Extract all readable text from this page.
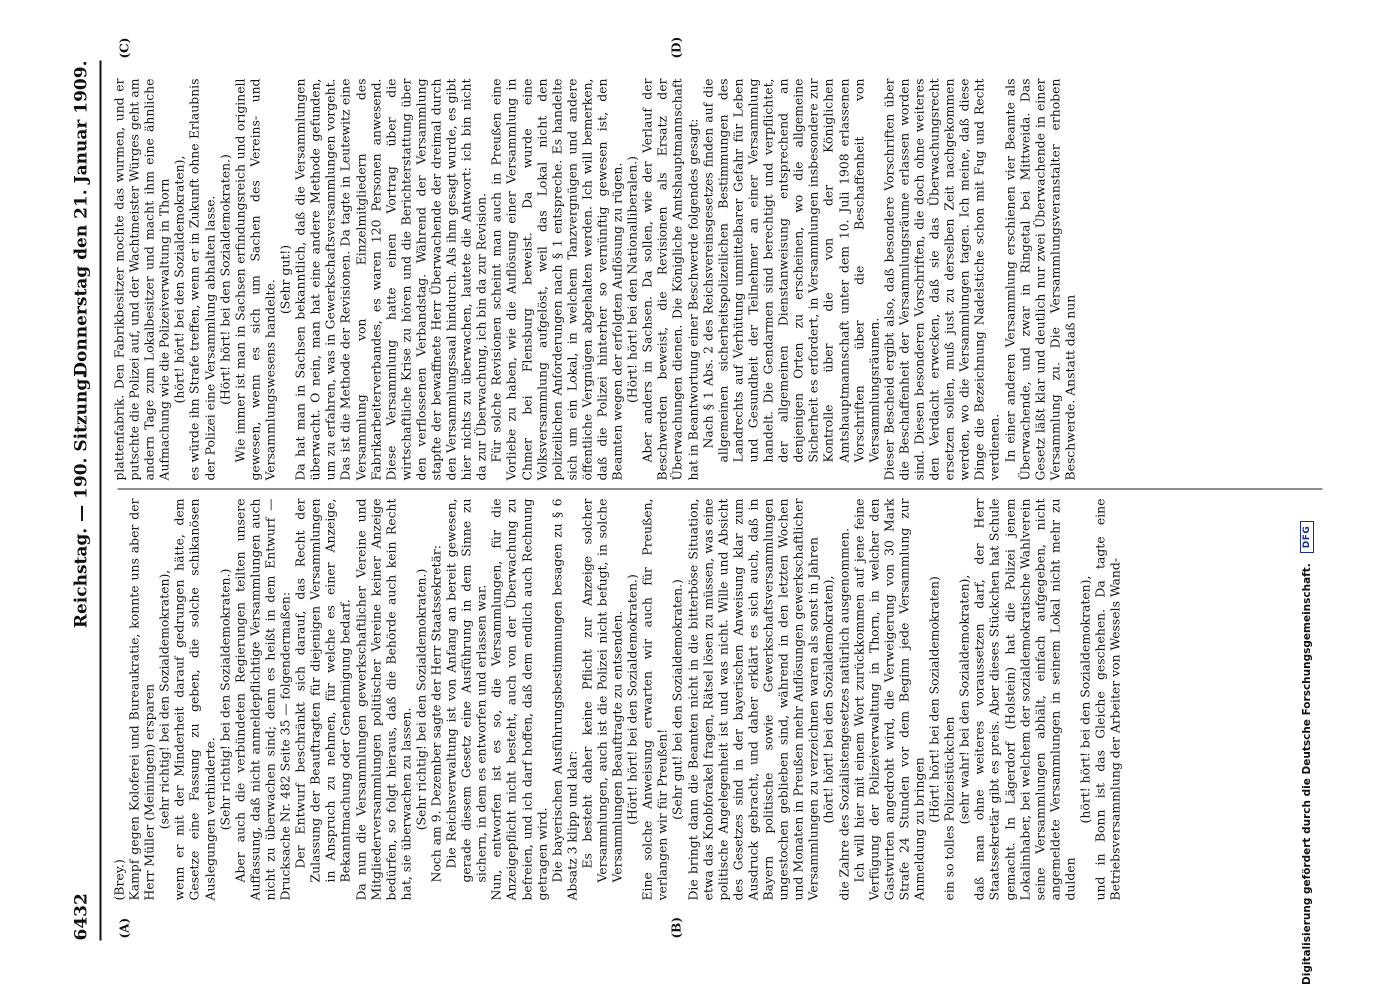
6432
Reichstag. — 190. Sitzung.
Donnerstag den 21. Januar 1909.
(A)	(B)
(C)	(D)

(Brey.) Kampf gegen Koloferei und Bureaukratie, konnte uns aber der Herr Müller (Meiningen) ersparen (sehr richtig! bei den Sozialdemokraten), wenn er mit der Minderheit darauf gedrungen hätte, dem Gesetze eine Fassung zu geben, die solche schikanösen Auslegungen verhinderte. (Sehr richtig! bei den Sozialdemokraten.) Aber auch die verbündeten Regierungen teilten unsere Auffassung, daß nicht anmeldepflichtige Versammlungen auch nicht zu überwachen sind; denn es heißt in dem Entwurf — Drucksache Nr. 482 Seite 35 — folgendermaßen: Der Entwurf beschränkt sich darauf, das Recht der Zulassung der Beauftragten für diejenigen Versammlungen in Anspruch zu nehmen, für welche es einer Anzeige, Bekanntmachung oder Genehmigung bedarf. Da nun die Versammlungen gewerkschaftlicher Vereine und Mitgliederversammlungen politischer Vereine keiner Anzeige bedürfen, so folgt hieraus, daß die Behörde auch kein Recht hat, sie überwachen zu lassen. (Sehr richtig! bei den Sozialdemokraten.) Noch am 9. Dezember sagte der Herr Staatssekretär: Die Reichsverwaltung ist von Anfang an bereit gewesen, gerade diesem Gesetz eine Ausführung in dem Sinne zu sichern, in dem es entworfen und erlassen war. Nun, entworfen ist es so, die Versammlungen, für die Anzeigepflicht nicht besteht, auch von der Überwachung zu befreien, und ich darf hoffen, daß dem endlich auch Rechnung getragen wird. Die bayerischen Ausführungsbestimmungen besagen zu § 6 Absatz 3 klipp und klar: Es besteht daher keine Pflicht zur Anzeige solcher Versammlungen, auch ist die Polizei nicht befugt, in solche Versammlungen Beauftragte zu entsenden. (Hört! hört! bei den Sozialdemokraten.) Eine solche Anweisung erwarten wir auch für Preußen, verlangen wir für Preußen! (Sehr gut! bei den Sozialdemokraten.) Die bringt dann die Beamten nicht in die bitterböse Situation, etwa das Knobforakel fragen, Rätsel lösen zu müssen, was eine politische Angelegenheit ist und was nicht. Wille und Absicht des Gesetzes sind in der bayerischen Anweisung klar zum Ausdruck gebracht, und daher erklärt es sich auch, daß in Bayern politische sowie Gewerkschaftsversammlungen ungestochen geblieben sind, während in den letzten Wochen und Monaten in Preußen mehr Auflösungen gewerkschaftlicher Versammlungen zu verzeichnen waren als sonst in Jahren (hört! hört! bei den Sozialdemokraten), die Zahre des Sozialistengesetzes natürlich ausgenommen. Ich will hier mit einem Wort zurückkommen auf jene feine Verfügung der Polizeiverwaltung in Thorn, in welcher den Gastwirten angedroht wird, die Verweigerung von 30 Mark Strafe 24 Stunden vor dem Beginn jede Versammlung zur Anmeldung zu bringen

(Hört! hört! bei den Sozialdemokraten) ein so tolles Polizeistückchen (sehr wahr! bei den Sozialdemokraten), daß man ohne weiteres voraussetzen darf, der Herr Staatssekretär gibt es preis. Aber dieses Stückchen hat Schule gemacht. In Lägerdorf (Holstein) hat die Polizei jenem Lokalinhaber, bei welchem der sozialdemokratische Wahlverein seine Versammlungen abhält, einfach aufgegeben, nicht angemeldete Versammlungen in seinem Lokal nicht mehr zu dulden

(hört! hört! bei den Sozialdemokraten), und in Bonn ist das Gleiche geschehen. Da tagte eine Betriebsversammlung der Arbeiter von Wessels Wand-

plattenfabrik. Den Fabrikbesitzer mochte das wurmen, und er putschte die Polizei auf, und der Wachtmeister Würges geht am andern Tage zum Lokalbesitzer und macht ihm eine ähnliche Aufmachung wie die Polizeiverwaltung in Thorn (hört! hört! bei den Sozialdemokraten), es würde ihn Strafe treffen, wenn er in Zukunft ohne Erlaubnis der Polizei eine Versammlung abhalten lasse. (Hört! hört! bei den Sozialdemokraten.) Wie immer ist man in Sachsen erfindungsreich und originell gewesen, wenn es sich um Sachen des Vereins- und Versammlungswesens handelte. (Sehr gut!) Da hat man in Sachsen bekanntlich, daß die Versammlungen überwacht. O nein, man hat eine andere Methode gefunden, um zu erfahren, was in Gewerkschaftsversammlungen vorgeht. Das ist die Methode der Revisionen. Da tagte in Leutewitz eine Versammlung von Einzelmitgliedern des Fabrikarbeiterverbandes, es waren 120 Personen anwesend. Diese Versammlung hatte einen Vortrag über die wirtschaftliche Krise zu hören und die Berichterstattung über den verflossenen Verbandstag. Während der Versammlung stapfte der bewaffnete Herr Überwachende der dreimal durch den Versammlungssaal hindurch. Als ihm gesagt wurde, es gibt hier nichts zu überwachen, lautete die Antwort: ich bin nicht da zur Überwachung, ich bin da zur Revision. Für solche Revisionen scheint man auch in Preußen eine Vorliebe zu haben, wie die Auflösung einer Versammlung in Chmer bei Flensburg beweist. Da wurde eine Volksversammlung aufgelöst, weil das Lokal nicht den polizeilichen Anforderungen nach § 1 entspreche. Es handelte sich um ein Lokal, in welchem Tanzvergnügen und andere öffentliche Vergnügen abgehalten werden. Ich will bemerken, daß die Polizei hinterher so vernünftig gewesen ist, den Beamten wegen der erfolgten Auflösung zu rügen. (Hört! hört! bei den Nationalliberalen.) Aber anders in Sachsen. Da sollen, wie der Verlauf der Beschwerden beweist, die Revisionen als Ersatz der Überwachungen dienen. Die Königliche Amtshauptmannschaft hat in Beantwortung einer Beschwerde folgendes gesagt: Nach § 1 Abs. 2 des Reichsvereinsgesetzes finden auf die allgemeinen sicherheitspolizeilichen Bestimmungen des Landrechts auf Verhütung unmittelbarer Gefahr für Leben und Gesundheit der Teilnehmer an einer Versammlung handelt. Die Gendarmen sind berechtigt und verpflichtet, der allgemeinen Dienstanweisung entsprechend an denjenigen Orten zu erscheinen, wo die allgemeine Sicherheit es erfordert, in Versammlungen insbesondere zur Kontrolle über die von der Königlichen Amtshauptmannschaft unter dem 10. Juli 1908 erlassenen Vorschriften über die Beschaffenheit von Versammlungsräumen. Dieser Bescheid ergibt also, daß besondere Vorschriften über die Beschaffenheit der Versammlungsräume erlassen worden sind. Diesen besonderen Vorschriften, die doch ohne weiteres den Verdacht erwecken, daß sie das Überwachungsrecht ersetzen sollen, muß just zu derselben Zeit nachgekommen werden, wo die Versammlungen tagen. Ich meine, daß diese Dinge die Bezeichnung Nadelstiche schon mit Fug und Recht verdienen. In einer anderen Versammlung erschienen vier Beamte als Überwachende, und zwar in Ringetal bei Mittweida. Das Gesetz läßt klar und deutlich nur zwei Überwachende in einer Versammlung zu. Die Versammlungsveranstalter erhoben Beschwerde. Anstatt daß nun

Digitalisierung gefördert durch die Deutsche Forschungsgemeinschaft.
DFG
